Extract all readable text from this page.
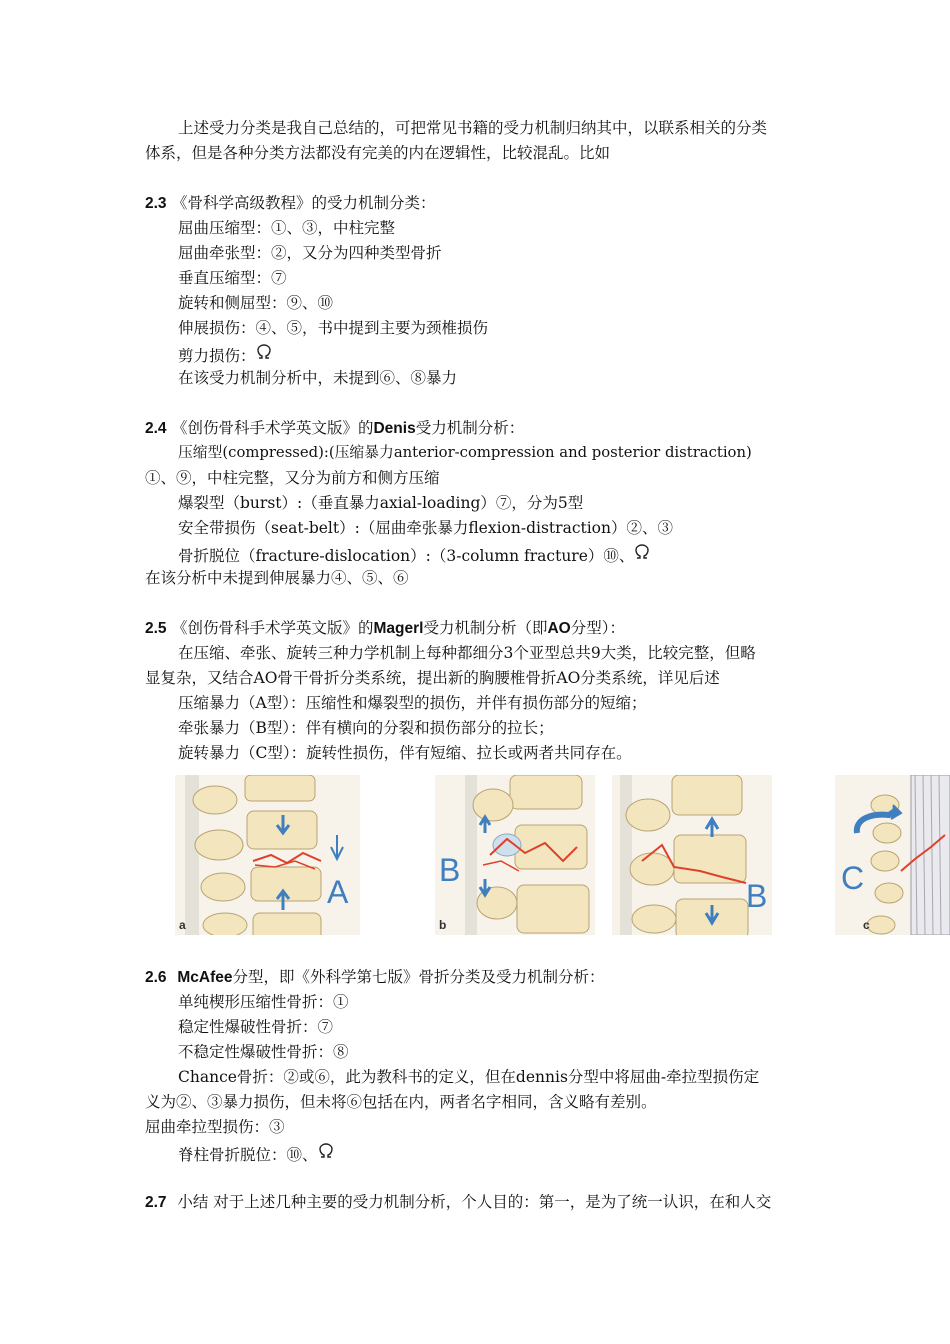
上述受力分类是我自己总结的，可把常见书籍的受力机制归纳其中，以联系相关的分类
体系，但是各种分类方法都没有完美的内在逻辑性，比较混乱。比如
2.3 《骨科学高级教程》的受力机制分类：
屈曲压缩型：①、③，中柱完整
屈曲牵张型：②，又分为四种类型骨折
垂直压缩型：⑦
旋转和侧屈型：⑨、⑩
伸展损伤：④、⑤，书中提到主要为颈椎损伤
剪力损伤：
在该受力机制分析中，未提到⑥、⑧暴力
2.4 《创伤骨科手术学英文版》的Denis受力机制分析：
压缩型(compressed):(压缩暴力anterior-compression and posterior distraction)
①、⑨，中柱完整，又分为前方和侧方压缩
爆裂型（burst）:（垂直暴力axial-loading）⑦，分为5型
安全带损伤（seat-belt）:（屈曲牵张暴力flexion-distraction）②、③
骨折脱位（fracture-dislocation）:（3-column fracture）⑩、
在该分析中未提到伸展暴力④、⑤、⑥
2.5 《创伤骨科手术学英文版》的Magerl受力机制分析（即AO分型）：
在压缩、牵张、旋转三种力学机制上每种都细分3个亚型总共9大类，比较完整，但略
显复杂，又结合AO骨干骨折分类系统，提出新的胸腰椎骨折AO分类系统，详见后述
压缩暴力（A型）：压缩性和爆裂型的损伤，并伴有损伤部分的短缩；
牵张暴力（B型）：伴有横向的分裂和损伤部分的拉长；
旋转暴力（C型）：旋转性损伤，伴有短缩、拉长或两者共同存在。
A
a
B
b
B C
c
2.6 McAfee分型，即《外科学第七版》骨折分类及受力机制分析：
单纯楔形压缩性骨折：①
稳定性爆破性骨折：⑦
不稳定性爆破性骨折：⑧
Chance骨折：②或⑥，此为教科书的定义，但在dennis分型中将屈曲-牵拉型损伤定
义为②、③暴力损伤，但未将⑥包括在内，两者名字相同，含义略有差别。
屈曲牵拉型损伤：③
脊柱骨折脱位：⑩、
2.7 小结 对于上述几种主要的受力机制分析，个人目的：第一，是为了统一认识，在和人交
